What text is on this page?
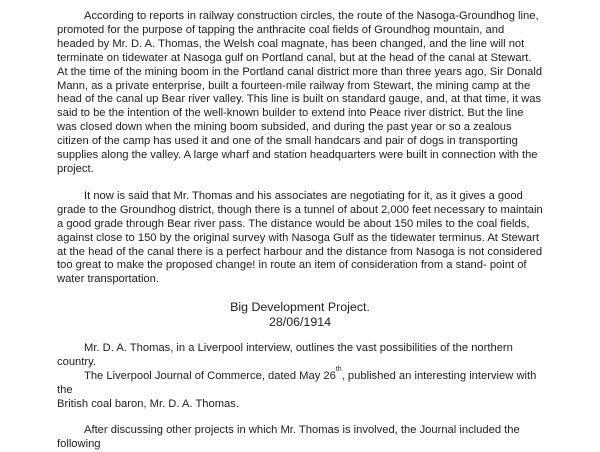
According to reports in railway construction circles, the route of the Nasoga-Groundhog line, promoted for the purpose of tapping the anthracite coal fields of Groundhog mountain, and headed by Mr. D. A. Thomas, the Welsh coal magnate, has been changed, and the line will not terminate on tidewater at Nasoga gulf on Portland canal, but at the head of the canal at Stewart. At the time of the mining boom in the Portland canal district more than three years ago, Sir Donald Mann, as a private enterprise, built a fourteen-mile railway from Stewart, the mining camp at the head of the canal up Bear river valley. This line is built on standard gauge, and, at that time, it was said to be the intention of the well-known builder to extend into Peace river district. But the line was closed down when the mining boom subsided, and during the past year or so a zealous citizen of the camp has used it and one of the small handcars and pair of dogs in transporting supplies along the valley. A large wharf and station headquarters were built in connection with the project.

It now is said that Mr. Thomas and his associates are negotiating for it, as it gives a good grade to the Groundhog district, though there is a tunnel of about 2,000 feet necessary to maintain a good grade through Bear river pass. The distance would be about 150 miles to the coal fields, against close to 150 by the original survey with Nasoga Gulf as the tidewater terminus. At Stewart at the head of the canal there is a perfect harbour and the distance from Nasoga is not considered too great to make the proposed change! in route an item of consideration from a stand- point of water transportation.

Big Development Project.

28/06/1914

Mr. D. A. Thomas, in a Liverpool interview, outlines the vast possibilities of the northern country.
The Liverpool Journal of Commerce, dated May 26th, published an interesting interview with the
British coal baron, Mr. D. A. Thomas.

After discussing other projects in which Mr. Thomas is involved, the Journal included the following
